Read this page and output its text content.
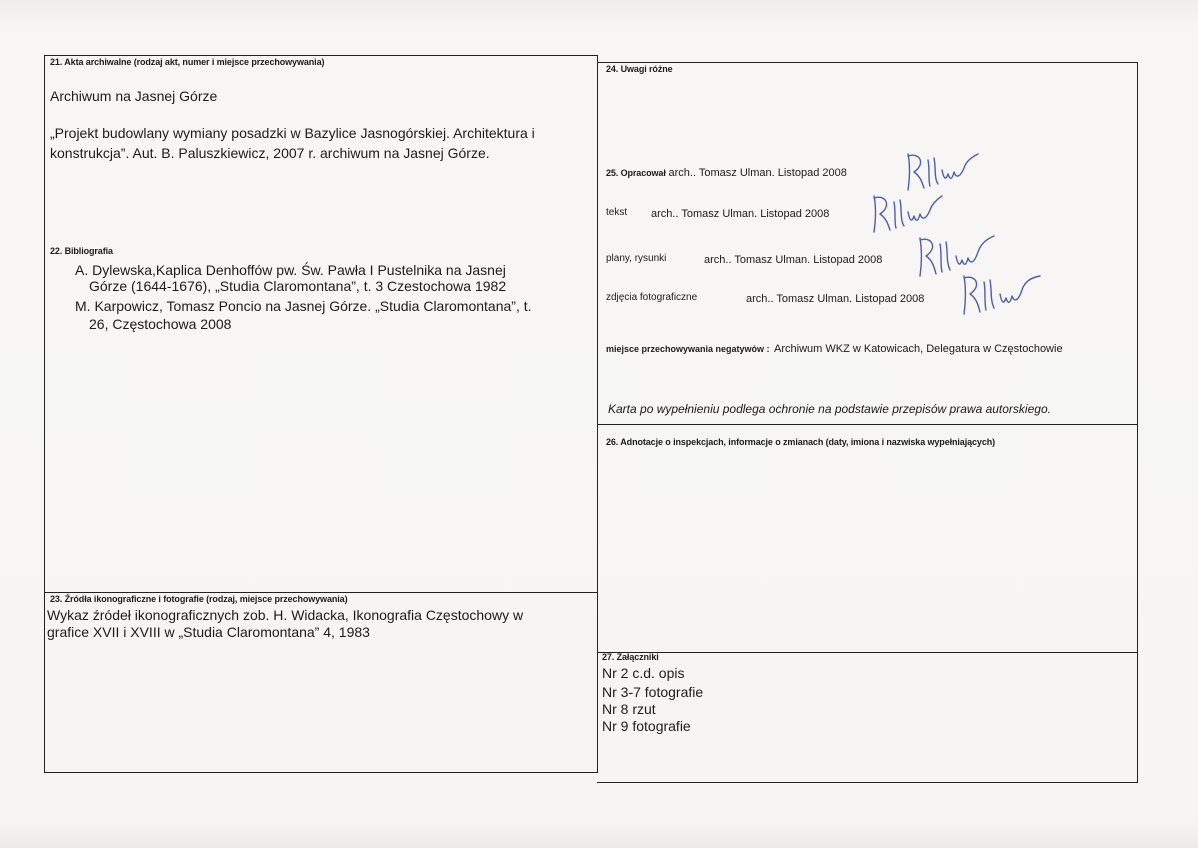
21. Akta archiwalne (rodzaj akt, numer i miejsce przechowywania)
Archiwum na Jasnej Górze
„Projekt budowlany wymiany posadzki w Bazylice Jasnogórskiej. Architektura i
konstrukcja”. Aut. B. Paluszkiewicz, 2007 r. archiwum na Jasnej Górze.
22. Bibliografia
A. Dylewska,Kaplica Denhoffów pw. Św. Pawła I Pustelnika na Jasnej
Górze (1644-1676), „Studia Claromontana”, t. 3 Czestochowa 1982
M. Karpowicz, Tomasz Poncio na Jasnej Górze. „Studia Claromontana”, t.
26, Częstochowa 2008
23. Źródła ikonograficzne i fotografie (rodzaj, miejsce przechowywania)
Wykaz źródeł ikonograficznych zob. H. Widacka, Ikonografia Częstochowy w
grafice XVII i XVIII w „Studia Claromontana” 4, 1983
24. Uwagi różne
25. Opracował arch.. Tomasz Ulman. Listopad 2008
tekst arch.. Tomasz Ulman. Listopad 2008
plany, rysunki	arch.. Tomasz Ulman. Listopad 2008
zdjęcia fotograficzne	arch.. Tomasz Ulman. Listopad 2008
miejsce przechowywania negatywów : Archiwum WKZ w Katowicach, Delegatura w Częstochowie
Karta po wypełnieniu podlega ochronie na podstawie przepisów prawa autorskiego.
26. Adnotacje o inspekcjach, informacje o zmianach (daty, imiona i nazwiska wypełniających)
27. Załączniki
Nr 2 c.d. opis
Nr 3-7 fotografie
Nr 8 rzut
Nr 9 fotografie
